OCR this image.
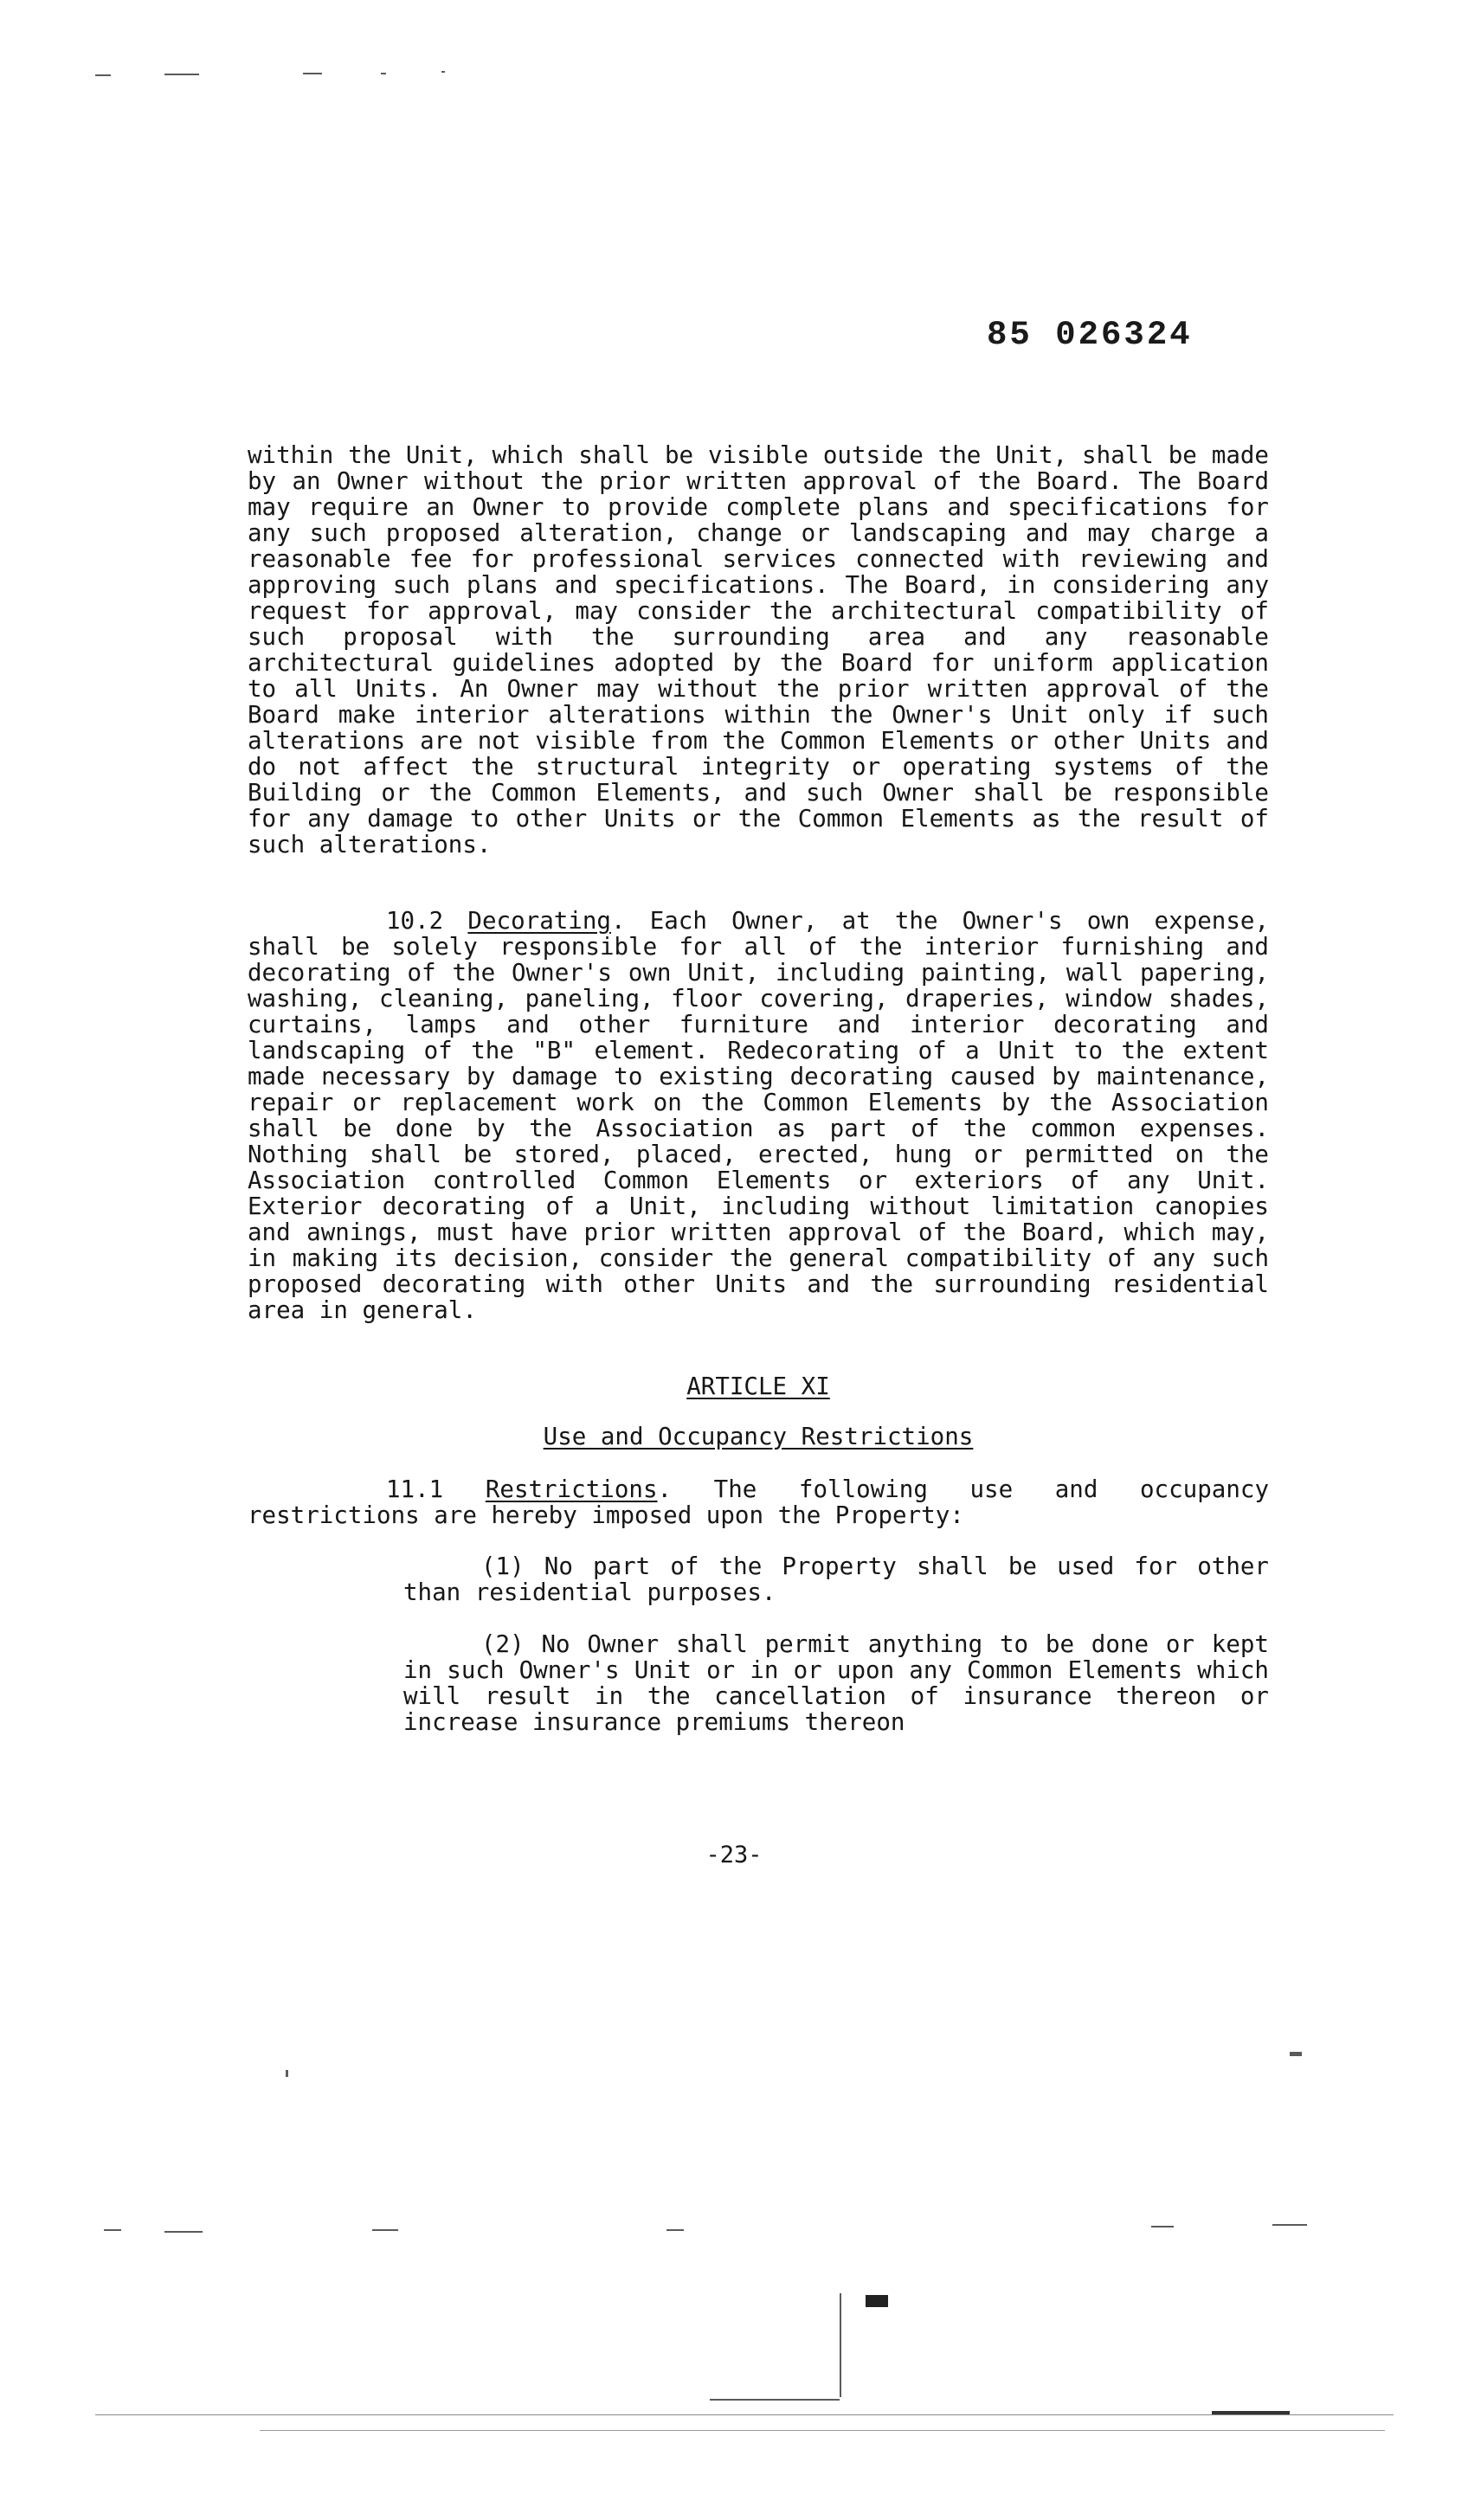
85 026324

within the Unit, which shall be visible outside the Unit, shall be made by an Owner without the prior written approval of the Board. The Board may require an Owner to provide complete plans and specifications for any such proposed alteration, change or landscaping and may charge a reasonable fee for professional services connected with reviewing and approving such plans and specifications. The Board, in considering any request for approval, may consider the architectural compatibility of such proposal with the surrounding area and any reasonable architectural guidelines adopted by the Board for uniform application to all Units. An Owner may without the prior written approval of the Board make interior alterations within the Owner's Unit only if such alterations are not visible from the Common Elements or other Units and do not affect the structural integrity or operating systems of the Building or the Common Elements, and such Owner shall be responsible for any damage to other Units or the Common Elements as the result of such alterations.

10.2 Decorating. Each Owner, at the Owner's own expense, shall be solely responsible for all of the interior furnishing and decorating of the Owner's own Unit, including painting, wall papering, washing, cleaning, paneling, floor covering, draperies, window shades, curtains, lamps and other furniture and interior decorating and landscaping of the "B" element. Redecorating of a Unit to the extent made necessary by damage to existing decorating caused by maintenance, repair or replacement work on the Common Elements by the Association shall be done by the Association as part of the common expenses. Nothing shall be stored, placed, erected, hung or permitted on the Association controlled Common Elements or exteriors of any Unit. Exterior decorating of a Unit, including without limitation canopies and awnings, must have prior written approval of the Board, which may, in making its decision, consider the general compatibility of any such proposed decorating with other Units and the surrounding residential area in general.

ARTICLE XI
Use and Occupancy Restrictions

11.1 Restrictions. The following use and occupancy restrictions are hereby imposed upon the Property:

(1) No part of the Property shall be used for other than residential purposes.

(2) No Owner shall permit anything to be done or kept in such Owner's Unit or in or upon any Common Elements which will result in the cancellation of insurance thereon or increase insurance premiums thereon

-23-
